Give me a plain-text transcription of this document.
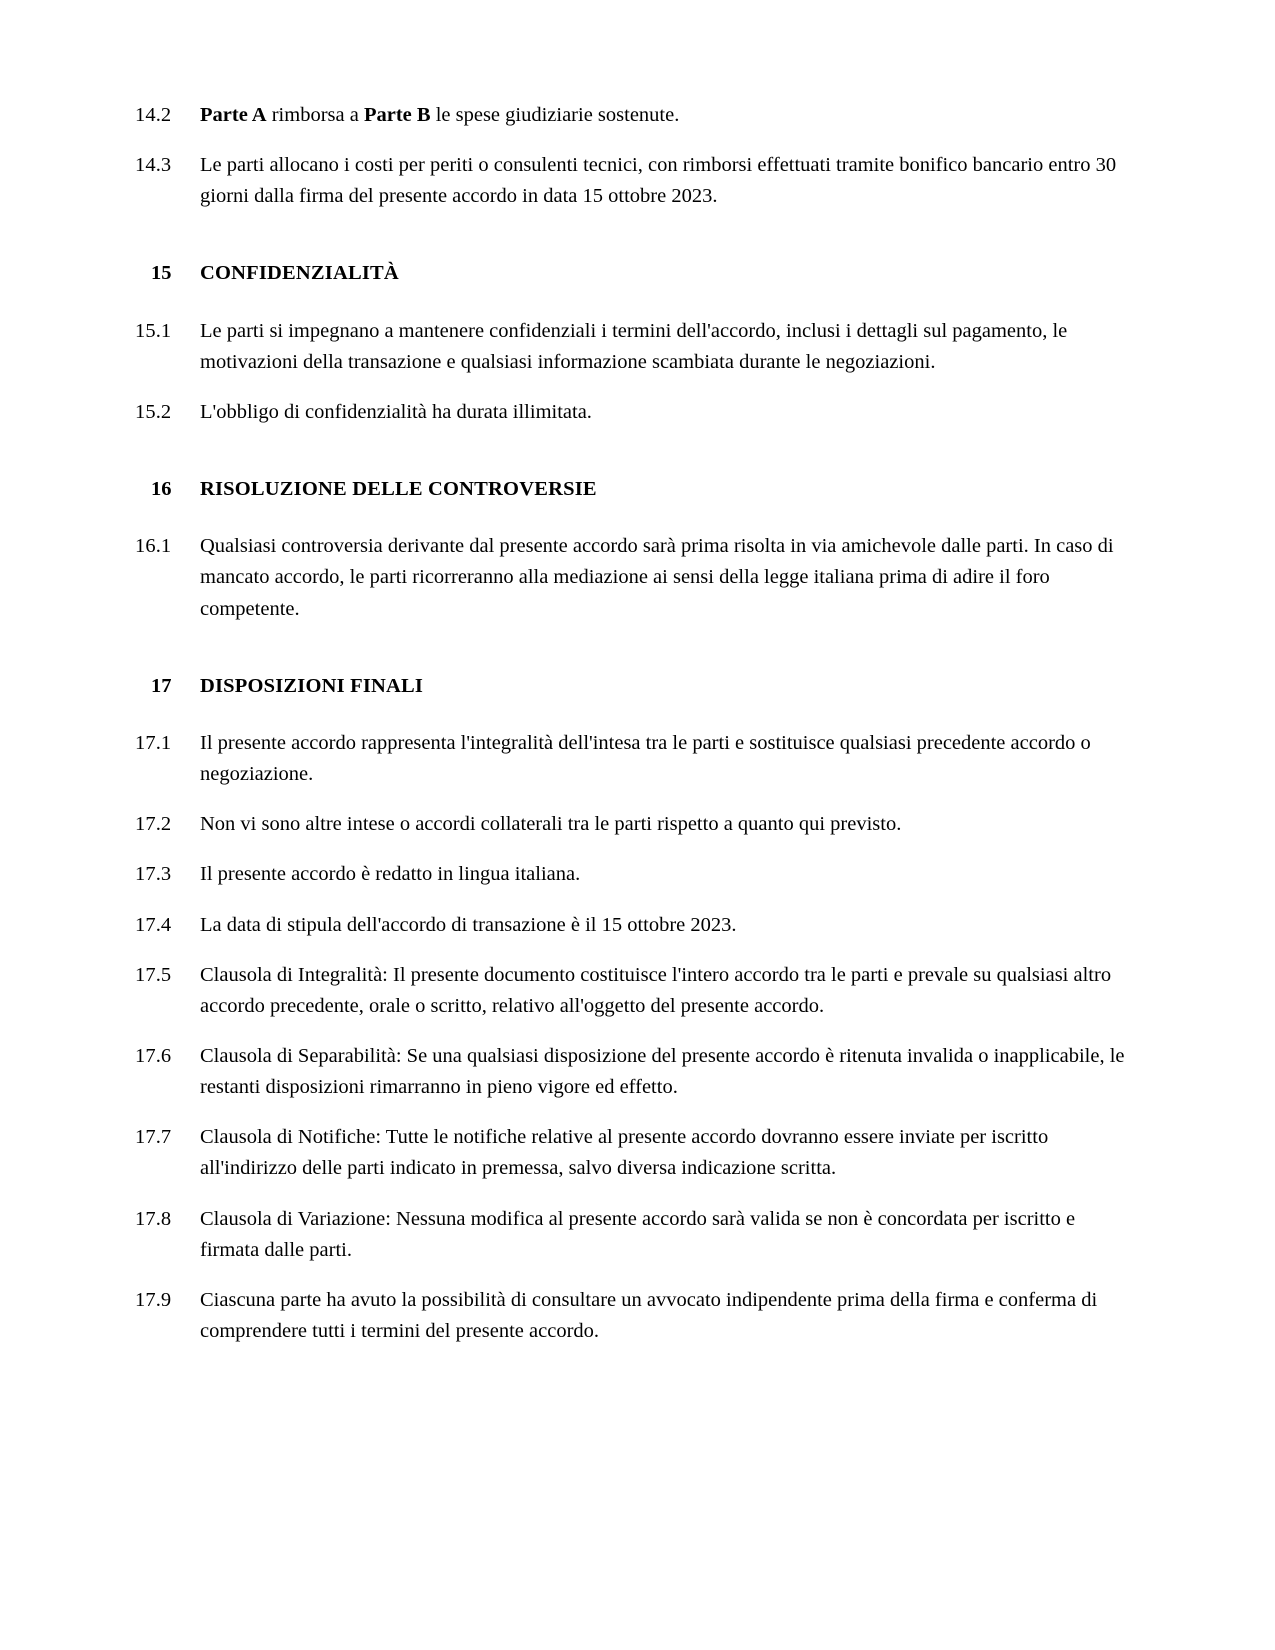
14.2	Parte A rimborsa a Parte B le spese giudiziarie sostenute.
14.3	Le parti allocano i costi per periti o consulenti tecnici, con rimborsi effettuati tramite bonifico bancario entro 30 giorni dalla firma del presente accordo in data 15 ottobre 2023.
15	CONFIDENZIALITÀ
15.1	Le parti si impegnano a mantenere confidenziali i termini dell'accordo, inclusi i dettagli sul pagamento, le motivazioni della transazione e qualsiasi informazione scambiata durante le negoziazioni.
15.2	L'obbligo di confidenzialità ha durata illimitata.
16	RISOLUZIONE DELLE CONTROVERSIE
16.1	Qualsiasi controversia derivante dal presente accordo sarà prima risolta in via amichevole dalle parti. In caso di mancato accordo, le parti ricorreranno alla mediazione ai sensi della legge italiana prima di adire il foro competente.
17	DISPOSIZIONI FINALI
17.1	Il presente accordo rappresenta l'integralità dell'intesa tra le parti e sostituisce qualsiasi precedente accordo o negoziazione.
17.2	Non vi sono altre intese o accordi collaterali tra le parti rispetto a quanto qui previsto.
17.3	Il presente accordo è redatto in lingua italiana.
17.4	La data di stipula dell'accordo di transazione è il 15 ottobre 2023.
17.5	Clausola di Integralità: Il presente documento costituisce l'intero accordo tra le parti e prevale su qualsiasi altro accordo precedente, orale o scritto, relativo all'oggetto del presente accordo.
17.6	Clausola di Separabilità: Se una qualsiasi disposizione del presente accordo è ritenuta invalida o inapplicabile, le restanti disposizioni rimarranno in pieno vigore ed effetto.
17.7	Clausola di Notifiche: Tutte le notifiche relative al presente accordo dovranno essere inviate per iscritto all'indirizzo delle parti indicato in premessa, salvo diversa indicazione scritta.
17.8	Clausola di Variazione: Nessuna modifica al presente accordo sarà valida se non è concordata per iscritto e firmata dalle parti.
17.9	Ciascuna parte ha avuto la possibilità di consultare un avvocato indipendente prima della firma e conferma di comprendere tutti i termini del presente accordo.
